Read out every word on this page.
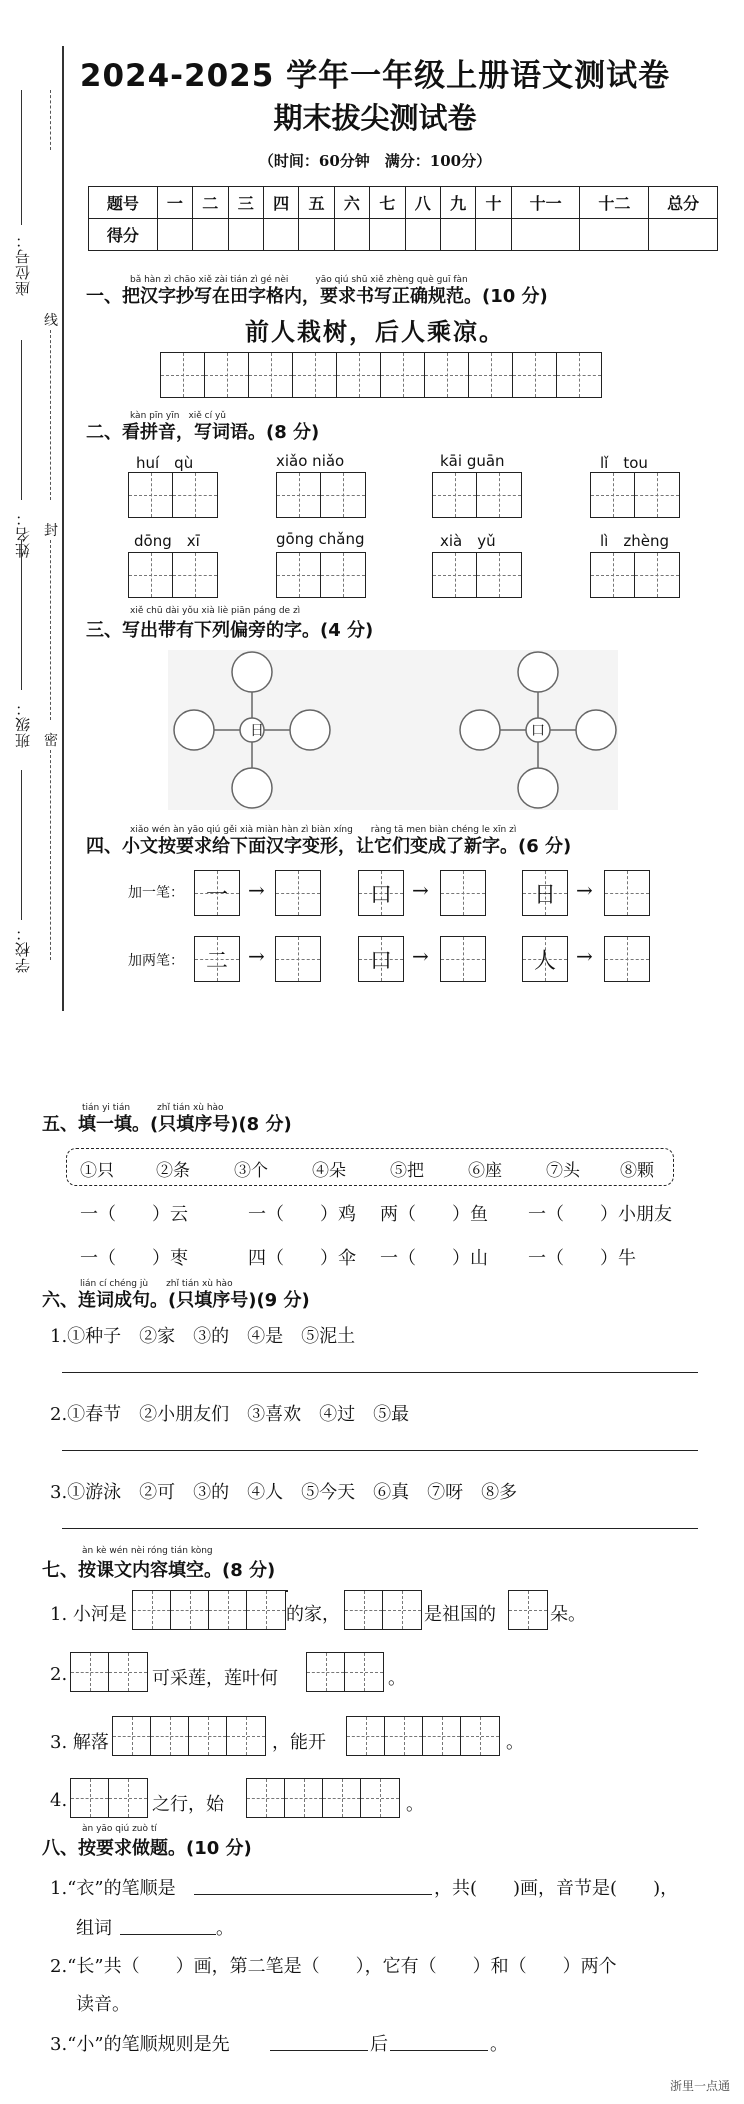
座位号：
线
姓名： 封
班级： 密
学校：
2024-2025 学年一年级上册语文测试卷
期末拔尖测试卷
（时间：60分钟　满分：100分）
题号	一	二	三	四	五	六	七	八	九	十	十一	十二	总分
得分													
bǎ hàn zì chāo xiě zài tián zì gé nèi　　　yāo qiú shū xiě zhèng què guī fàn
一、把汉字抄写在田字格内，要求书写正确规范。(10 分)
前人栽树，后人乘凉。
kàn pīn yīn　xiě cí yǔ
二、看拼音，写词语。(8 分)
huí　qù	xiǎo niǎo	kāi guān	lǐ　tou
dōng　xī	gōng chǎng	xià　yǔ	lì　zhèng
xiě chū dài yǒu xià liè piān páng de zì
三、写出带有下列偏旁的字。(4 分)
日	口
xiǎo wén àn yāo qiú gěi xià miàn hàn zì biàn xíng　　ràng tā men biàn chéng le xīn zì
四、小文按要求给下面汉字变形，让它们变成了新字。(6 分)
加一笔： 一	→	口	→	日	→
加两笔： 二	→	口	→	人	→
tián yi tián　　　zhǐ tián xù hào
五、填一填。(只填序号)(8 分)
①只 ②条	③个	④朵	⑤把	⑥座	⑦头 ⑧颗
一（　　）云	一（　　）鸡 两（　　）鱼 一（　　）小朋友
一（　　）枣	四（　　）伞 一（　　）山 一（　　）牛
lián cí chéng jù　　zhǐ tián xù hào
六、连词成句。(只填序号)(9 分)
1.①种子　②家　③的　④是　⑤泥土
2.①春节　②小朋友们　③喜欢　④过　⑤最
3.①游泳　②可　③的　④人　⑤今天　⑥真　⑦呀　⑧多
àn kè wén nèi róng tián kòng
七、按课文内容填空。(8 分)
1. 小河是	的家，	是祖国的	朵。
2.	可采莲，莲叶何	。
3. 解落	，能开	。
4.	之行，始	。
àn yāo qiú zuò tí
八、按要求做题。(10 分)
1.“衣”的笔顺是	，共(　　)画，音节是(　　)，
组词	。
2.“长”共（　　）画，第二笔是（　　），它有（　　）和（　　）两个
读音。
3.“小”的笔顺规则是先	后	。
浙里一点通
